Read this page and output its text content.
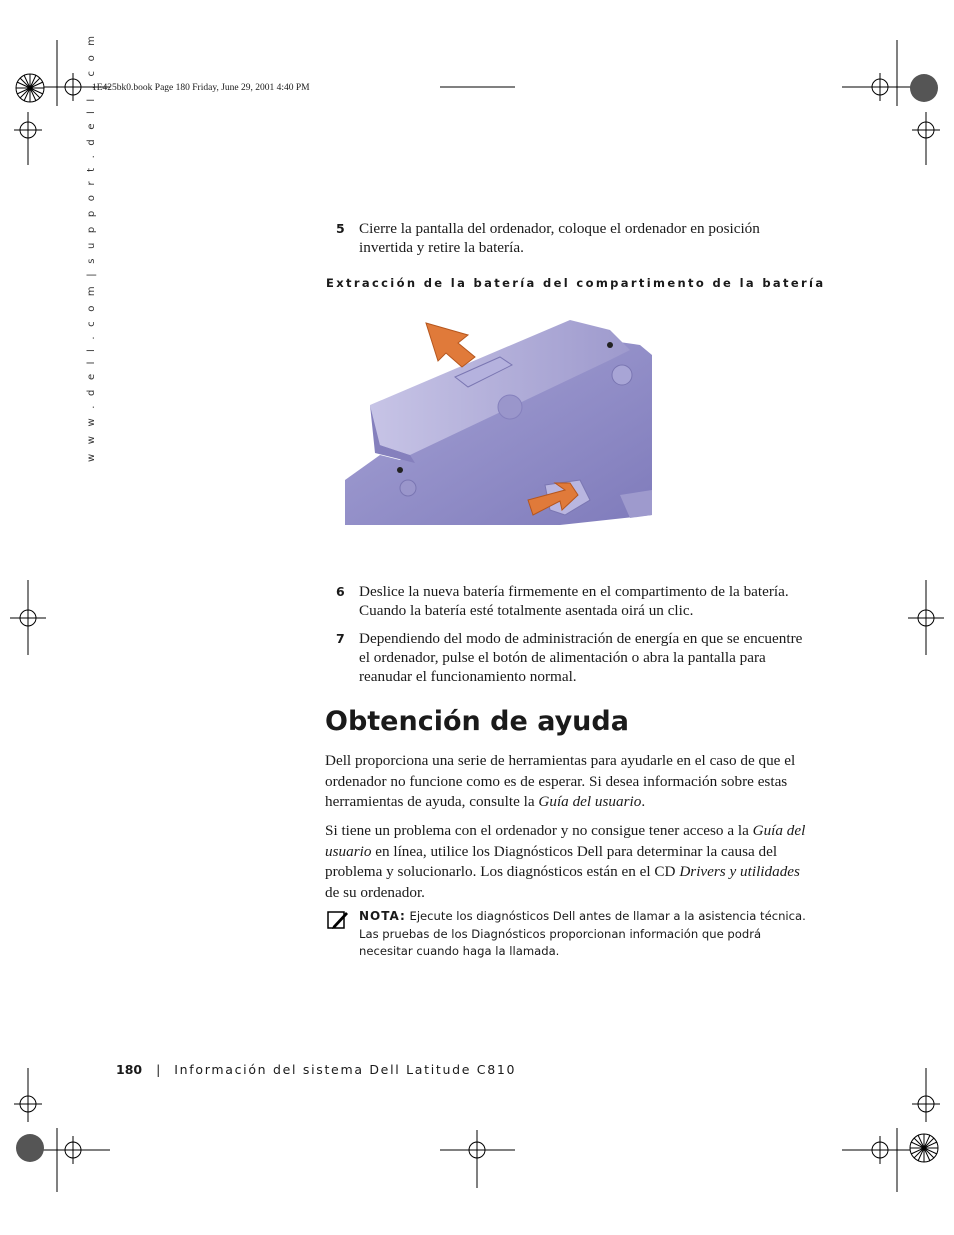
1E425bk0.book Page 180 Friday, June 29, 2001 4:40 PM
w w w . d e l l . c o m | s u p p o r t . d e l l . c o m	5 Cierre la pantalla del ordenador, coloque el ordenador en posición invertida y retire la batería.
Extracción de la batería del compartimento de la batería
6 Deslice la nueva batería firmemente en el compartimento de la batería. Cuando la batería esté totalmente asentada oirá un clic.
7 Dependiendo del modo de administración de energía en que se encuentre el ordenador, pulse el botón de alimentación o abra la pantalla para reanudar el funcionamiento normal.
Obtención de ayuda

Dell proporciona una serie de herramientas para ayudarle en el caso de que el ordenador no funcione como es de esperar. Si desea información sobre estas herramientas de ayuda, consulte la Guía del usuario.

Si tiene un problema con el ordenador y no consigue tener acceso a la Guía del usuario en línea, utilice los Diagnósticos Dell para determinar la causa del problema y solucionarlo. Los diagnósticos están en el CD Drivers y utilidades de su ordenador.

NOTA: Ejecute los diagnósticos Dell antes de llamar a la asistencia técnica. Las pruebas de los Diagnósticos proporcionan información que podrá necesitar cuando haga la llamada.
180 | Información del sistema Dell Latitude C810
